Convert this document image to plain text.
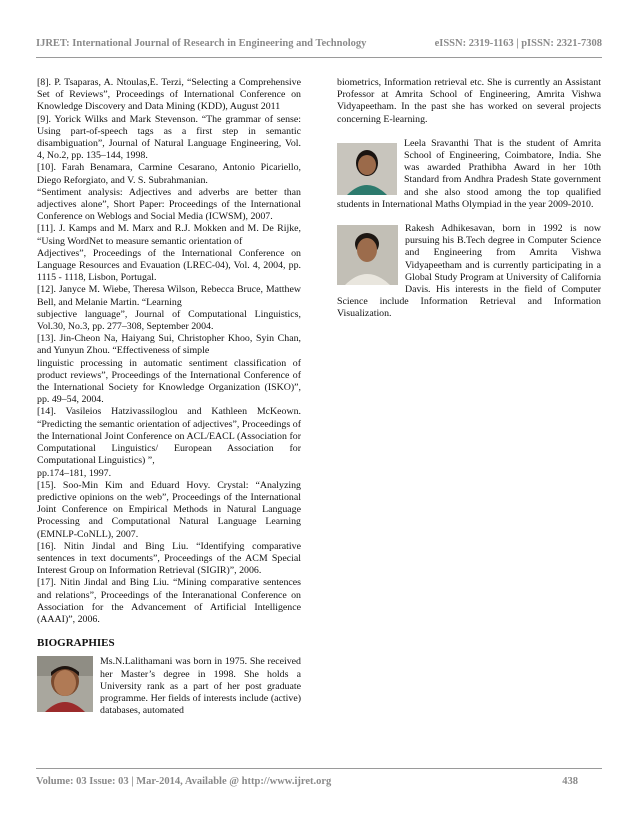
IJRET: International Journal of Research in Engineering and Technology	eISSN: 2319-1163 | pISSN: 2321-7308

[8]. P. Tsaparas, A. Ntoulas,E. Terzi, “Selecting a Comprehensive Set of Reviews”, Proceedings of International Conference on Knowledge Discovery and Data Mining (KDD), August 2011

[9]. Yorick Wilks and Mark Stevenson. “The grammar of sense: Using part-of-speech tags as a first step in semantic disambiguation”, Journal of Natural Language Engineering, Vol. 4, No.2, pp. 135–144, 1998.

[10]. Farah Benamara, Carmine Cesarano, Antonio Picariello, Diego Reforgiato, and V. S. Subrahmanian.

“Sentiment analysis: Adjectives and adverbs are better than adjectives alone”, Short Paper: Proceedings of the International Conference on Weblogs and Social Media (ICWSM), 2007.

[11]. J. Kamps and M. Marx and R.J. Mokken and M. De Rijke, “Using WordNet to measure semantic orientation of

Adjectives”, Proceedings of the International Conference on Language Resources and Evauation (LREC-04), Vol. 4, 2004, pp. 1115 - 1118, Lisbon, Portugal.

[12]. Janyce M. Wiebe, Theresa Wilson, Rebecca Bruce, Matthew Bell, and Melanie Martin. “Learning

subjective language”, Journal of Computational Linguistics, Vol.30, No.3, pp. 277–308, September 2004.

[13]. Jin-Cheon Na, Haiyang Sui, Christopher Khoo, Syin Chan, and Yunyun Zhou. “Effectiveness of simple

linguistic processing in automatic sentiment classification of product reviews”, Proceedings of the International Conference of the International Society for Knowledge Organization (ISKO)”, pp. 49–54, 2004.

[14]. Vasileios Hatzivassiloglou and Kathleen McKeown. “Predicting the semantic orientation of adjectives”, Proceedings of the International Joint Conference on ACL/EACL (Association for Computational Linguistics/ European Association for Computational Linguistics) ”,

pp.174–181, 1997.

[15]. Soo-Min Kim and Eduard Hovy. Crystal: “Analyzing predictive opinions on the web”, Proceedings of the International Joint Conference on Empirical Methods in Natural Language Processing and Computational Natural Language Learning (EMNLP-CoNLL), 2007.

[16]. Nitin Jindal and Bing Liu. “Identifying comparative sentences in text documents”, Proceedings of the ACM Special Interest Group on Information Retrieval (SIGIR)”, 2006.

[17]. Nitin Jindal and Bing Liu. “Mining comparative sentences and relations”, Proceedings of the Interanational Conference on Association for the Advancement of Artificial Intelligence (AAAI)”, 2006.

BIOGRAPHIES

Ms.N.Lalithamani was born in 1975. She received her Master’s degree in 1998. She holds a University rank as a part of her post graduate programme. Her fields of interests include (active) databases, automated

biometrics, Information retrieval etc. She is currently an Assistant Professor at Amrita School of Engineering, Amrita Vishwa Vidyapeetham. In the past she has worked on several projects concerning E-learning.

Leela Sravanthi That is the student of Amrita School of Engineering, Coimbatore, India. She was awarded Prathibha Award in her 10th Standard from Andhra Pradesh State government and she also stood among the top qualified students in International Maths Olympiad in the year 2009-2010.

Rakesh Adhikesavan, born in 1992 is now pursuing his B.Tech degree in Computer Science and Engineering from Amrita Vishwa Vidyapeetham and is currently participating in a Global Study Program at University of California Davis. His interests in the field of Computer Science include Information Retrieval and Information Visualization.

Volume: 03 Issue: 03 | Mar-2014, Available @ http://www.ijret.org	438
